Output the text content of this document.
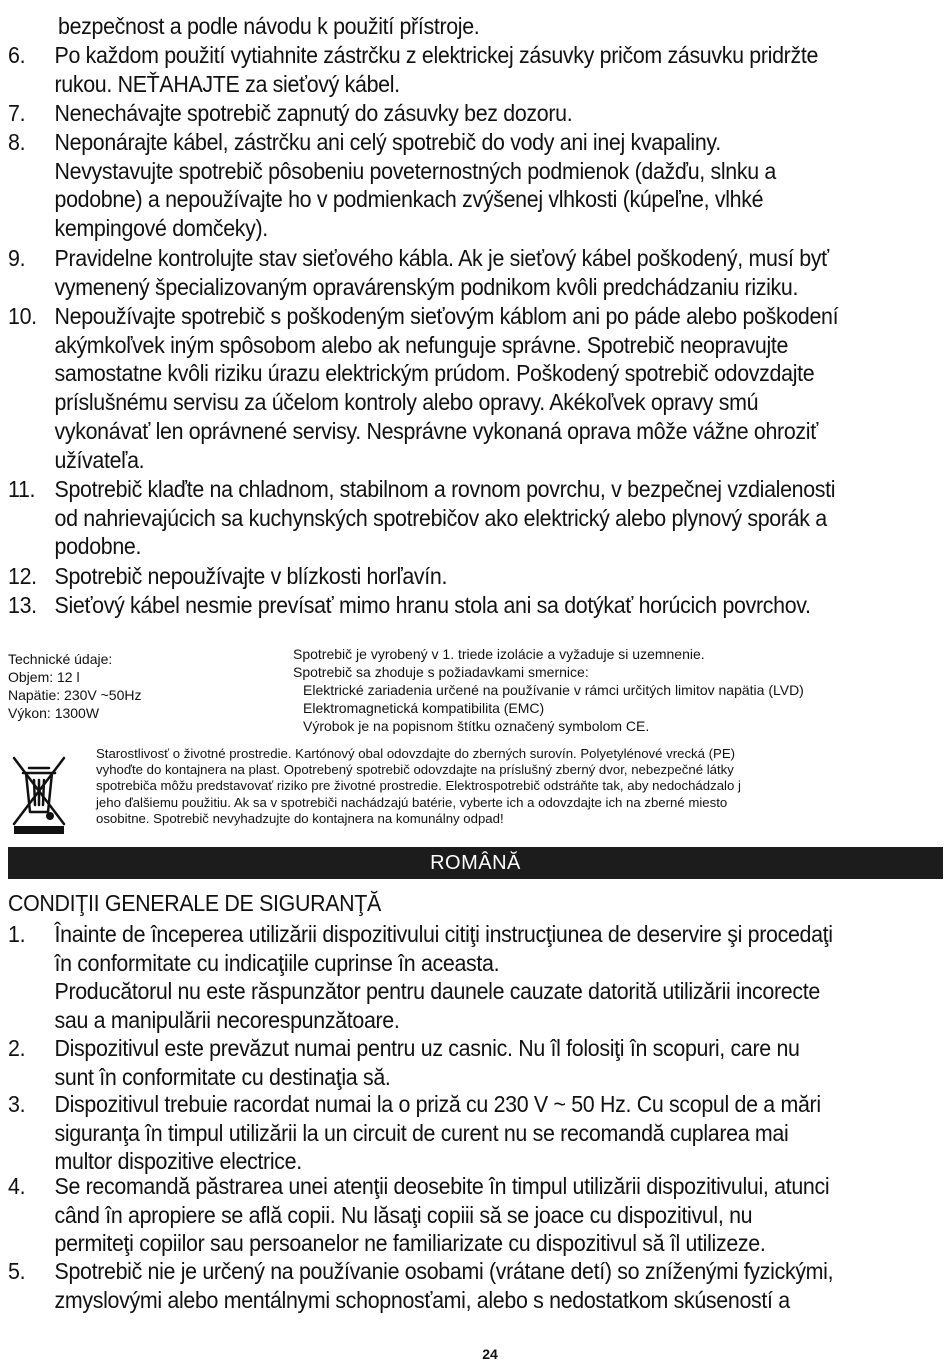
bezpečnost a podle návodu k použití přístroje.
6. Po každom použití vytiahnite zástrčku z elektrickej zásuvky pričom zásuvku pridržte
rukou. NEŤAHAJTE za sieťový kábel.
7. Nenechávajte spotrebič zapnutý do zásuvky bez dozoru.
8. Neponárajte kábel, zástrčku ani celý spotrebič do vody ani inej kvapaliny.
Nevystavujte spotrebič pôsobeniu poveternostných podmienok (dažďu, slnku a
podobne) a nepoužívajte ho v podmienkach zvýšenej vlhkosti (kúpeľne, vlhké
kempingové domčeky).
9. Pravidelne kontrolujte stav sieťového kábla. Ak je sieťový kábel poškodený, musí byť
vymenený špecializovaným opravárenským podnikom kvôli predchádzaniu riziku.
10. Nepoužívajte spotrebič s poškodeným sieťovým káblom ani po páde alebo poškodení
akýmkoľvek iným spôsobom alebo ak nefunguje správne. Spotrebič neopravujte
samostatne kvôli riziku úrazu elektrickým prúdom. Poškodený spotrebič odovzdajte
príslušnému servisu za účelom kontroly alebo opravy. Akékoľvek opravy smú
vykonávať len oprávnené servisy. Nesprávne vykonaná oprava môže vážne ohroziť
užívateľa.
11. Spotrebič klaďte na chladnom, stabilnom a rovnom povrchu, v bezpečnej vzdialenosti
od nahrievajúcich sa kuchynských spotrebičov ako elektrický alebo plynový sporák a
podobne.
12. Spotrebič nepoužívajte v blízkosti horľavín.
13. Sieťový kábel nesmie prevísať mimo hranu stola ani sa dotýkať horúcich povrchov.
Technické údaje:
Objem: 12 l
Napätie: 230V ~50Hz
Výkon: 1300W
Spotrebič je vyrobený v 1. triede izolácie a vyžaduje si uzemnenie.
Spotrebič sa zhoduje s požiadavkami smernice:
Elektrické zariadenia určené na používanie v rámci určitých limitov napätia (LVD)
Elektromagnetická kompatibilita (EMC)
Výrobok je na popisnom štítku označený symbolom CE.
Starostlivosť o životné prostredie. Kartónový obal odovzdajte do zberných surovín. Polyetylénové vrecká (PE)
vyhoďte do kontajnera na plast. Opotrebený spotrebič odovzdajte na príslušný zberný dvor, nebezpečné látky
spotrebiča môžu predstavovať riziko pre životné prostredie. Elektrospotrebič odstráňte tak, aby nedochádzalo j
jeho ďalšiemu použitiu. Ak sa v spotrebiči nachádzajú batérie, vyberte ich a odovzdajte ich na zberné miesto
osobitne. Spotrebič nevyhadzujte do kontajnera na komunálny odpad!
ROMÂNĂ
CONDIŢII GENERALE DE SIGURANŢĂ
1. Înainte de începerea utilizării dispozitivului citiţi instrucţiunea de deservire şi procedaţi
în conformitate cu indicaţiile cuprinse în aceasta.
Producătorul nu este răspunzător pentru daunele cauzate datorită utilizării incorecte
sau a manipulării necorespunzătoare.
2. Dispozitivul este prevăzut numai pentru uz casnic. Nu îl folosiţi în scopuri, care nu
sunt în conformitate cu destinaţia să.
3. Dispozitivul trebuie racordat numai la o priză cu 230 V ~ 50 Hz. Cu scopul de a mări
siguranţa în timpul utilizării la un circuit de curent nu se recomandă cuplarea mai
multor dispozitive electrice.
4. Se recomandă păstrarea unei atenţii deosebite în timpul utilizării dispozitivului, atunci
când în apropiere se află copii. Nu lăsaţi copiii să se joace cu dispozitivul, nu
permiteţi copiilor sau persoanelor ne familiarizate cu dispozitivul să îl utilizeze.
5. Spotrebič nie je určený na používanie osobami (vrátane detí) so zníženými fyzickými,
zmyslovými alebo mentálnymi schopnosťami, alebo s nedostatkom skúseností a
24
